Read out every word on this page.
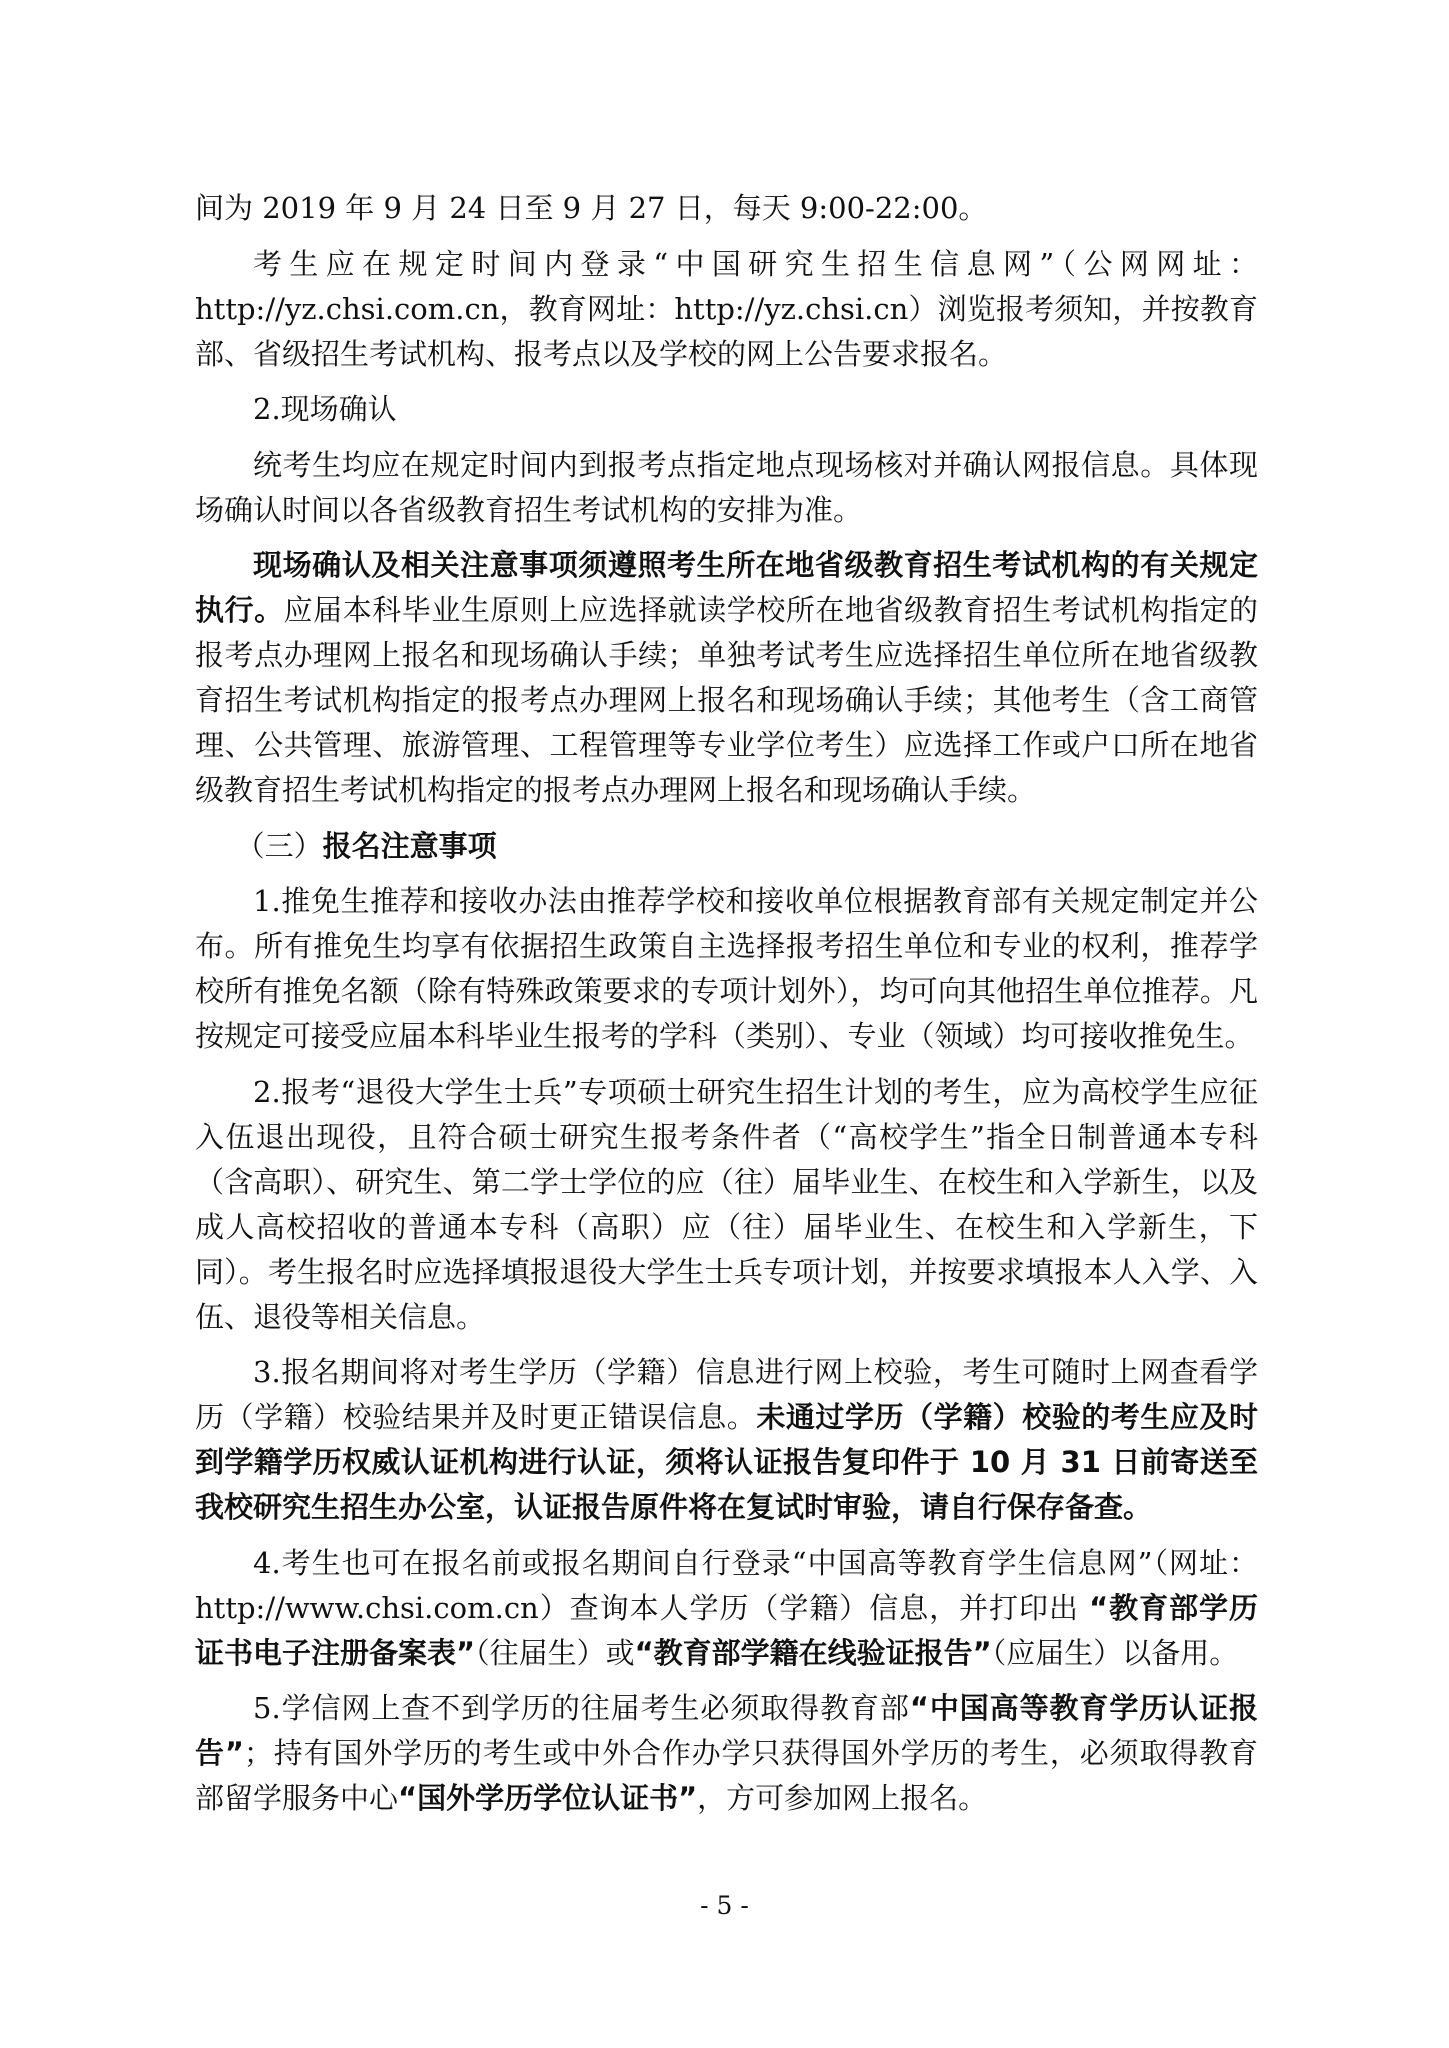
间为 2019 年 9 月 24 日至 9 月 27 日，每天 9:00-22:00。

考生应在规定时间内登录“中国研究生招生信息网”（公网网址：http://yz.chsi.com.cn，教育网址：http://yz.chsi.cn）浏览报考须知，并按教育部、省级招生考试机构、报考点以及学校的网上公告要求报名。

2.现场确认

统考生均应在规定时间内到报考点指定地点现场核对并确认网报信息。具体现场确认时间以各省级教育招生考试机构的安排为准。

现场确认及相关注意事项须遵照考生所在地省级教育招生考试机构的有关规定执行。应届本科毕业生原则上应选择就读学校所在地省级教育招生考试机构指定的报考点办理网上报名和现场确认手续；单独考试考生应选择招生单位所在地省级教育招生考试机构指定的报考点办理网上报名和现场确认手续；其他考生（含工商管理、公共管理、旅游管理、工程管理等专业学位考生）应选择工作或户口所在地省级教育招生考试机构指定的报考点办理网上报名和现场确认手续。

（三）报名注意事项

1.推免生推荐和接收办法由推荐学校和接收单位根据教育部有关规定制定并公布。所有推免生均享有依据招生政策自主选择报考招生单位和专业的权利，推荐学校所有推免名额（除有特殊政策要求的专项计划外），均可向其他招生单位推荐。凡按规定可接受应届本科毕业生报考的学科（类别）、专业（领域）均可接收推免生。

2.报考“退役大学生士兵”专项硕士研究生招生计划的考生，应为高校学生应征入伍退出现役，且符合硕士研究生报考条件者（“高校学生”指全日制普通本专科（含高职）、研究生、第二学士学位的应（往）届毕业生、在校生和入学新生，以及成人高校招收的普通本专科（高职）应（往）届毕业生、在校生和入学新生，下同）。考生报名时应选择填报退役大学生士兵专项计划，并按要求填报本人入学、入伍、退役等相关信息。

3.报名期间将对考生学历（学籍）信息进行网上校验，考生可随时上网查看学历（学籍）校验结果并及时更正错误信息。未通过学历（学籍）校验的考生应及时到学籍学历权威认证机构进行认证，须将认证报告复印件于 10 月 31 日前寄送至我校研究生招生办公室，认证报告原件将在复试时审验，请自行保存备查。

4.考生也可在报名前或报名期间自行登录“中国高等教育学生信息网”（网址：http://www.chsi.com.cn）查询本人学历（学籍）信息，并打印出 “教育部学历证书电子注册备案表”（往届生）或“教育部学籍在线验证报告”（应届生）以备用。

5.学信网上查不到学历的往届考生必须取得教育部“中国高等教育学历认证报告”；持有国外学历的考生或中外合作办学只获得国外学历的考生，必须取得教育部留学服务中心“国外学历学位认证书”，方可参加网上报名。

- 5 -
